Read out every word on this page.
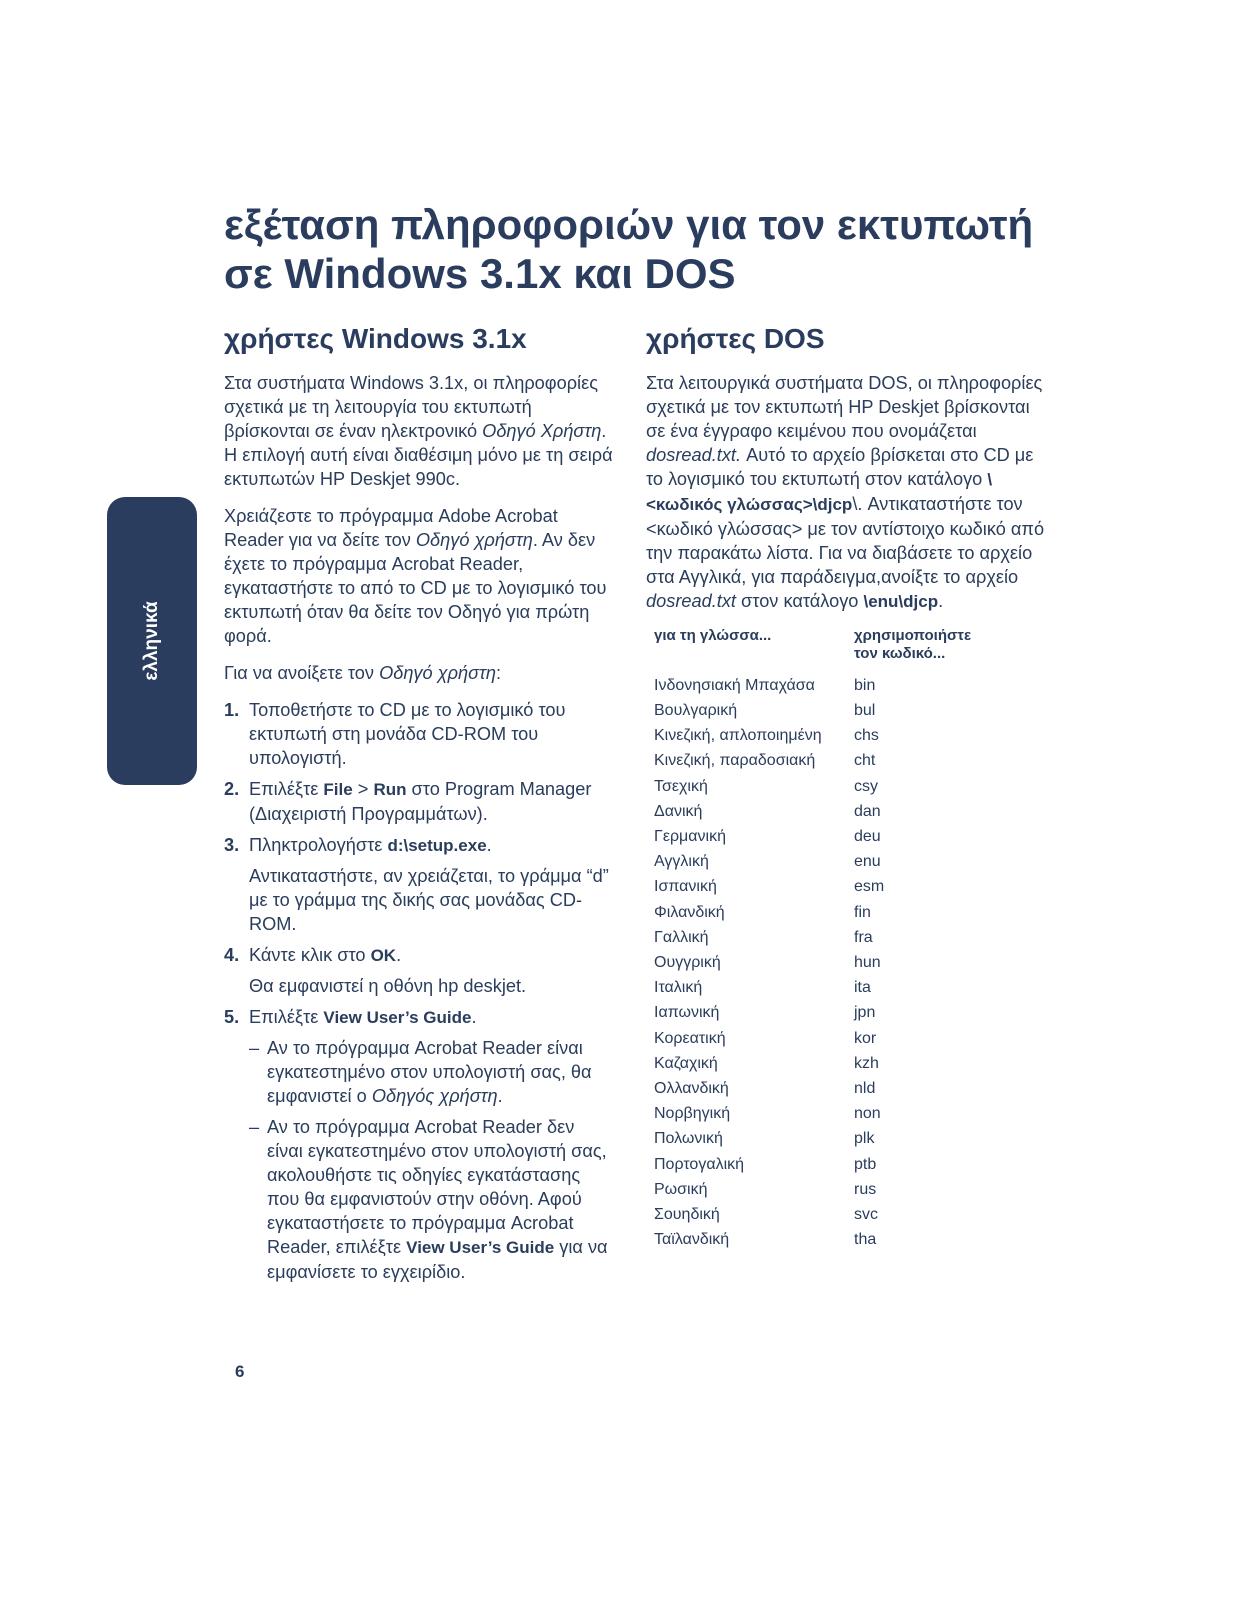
ελληνικά
εξέταση πληροφοριών για τον εκτυπωτή
σε Windows 3.1x και DOS
χρήστες Windows 3.1x

Στα συστήματα Windows 3.1x, οι πληροφορίες σχετικά με τη λειτουργία του εκτυπωτή βρίσκονται σε έναν ηλεκτρονικό Οδηγό Χρήστη. Η επιλογή αυτή είναι διαθέσιμη μόνο με τη σειρά εκτυπωτών HP Deskjet 990c.

Χρειάζεστε το πρόγραμμα Adobe Acrobat Reader για να δείτε τον Οδηγό χρήστη. Αν δεν έχετε το πρόγραμμα Acrobat Reader, εγκαταστήστε το από το CD με το λογισμικό του εκτυπωτή όταν θα δείτε τον Οδηγό για πρώτη φορά.

Για να ανοίξετε τον Οδηγό χρήστη:

1. Τοποθετήστε το CD με το λογισμικό του εκτυπωτή στη μονάδα CD-ROM του υπολογιστή.
2. Επιλέξτε File > Run στο Program Manager (Διαχειριστή Προγραμμάτων).
3. Πληκτρολογήστε d:\setup.exe.
Αντικαταστήστε, αν χρειάζεται, το γράμμα “d” με το γράμμα της δικής σας μονάδας CD-ROM.
4. Κάντε κλικ στο OK.
Θα εμφανιστεί η οθόνη hp deskjet.
5. Επιλέξτε View User’s Guide.
– Αν το πρόγραμμα Acrobat Reader είναι εγκατεστημένο στον υπολογιστή σας, θα εμφανιστεί ο Οδηγός χρήστη.
– Αν το πρόγραμμα Acrobat Reader δεν είναι εγκατεστημένο στον υπολογιστή σας, ακολουθήστε τις οδηγίες εγκατάστασης που θα εμφανιστούν στην οθόνη. Αφού εγκαταστήσετε το πρόγραμμα Acrobat Reader, επιλέξτε View User’s Guide για να εμφανίσετε το εγχειρίδιο.
χρήστες DOS

Στα λειτουργικά συστήματα DOS, οι πληροφορίες σχετικά με τον εκτυπωτή HP Deskjet βρίσκονται σε ένα έγγραφο κειμένου που ονομάζεται dosread.txt. Αυτό το αρχείο βρίσκεται στο CD με το λογισμικό του εκτυπωτή στον κατάλογο \<κωδικός γλώσσας>\djcp\. Αντικαταστήστε τον <κωδικό γλώσσας> με τον αντίστοιχο κωδικό από την παρακάτω λίστα. Για να διαβάσετε το αρχείο στα Αγγλικά, για παράδειγμα,ανοίξτε το αρχείο dosread.txt στον κατάλογο \enu\djcp.

για τη γλώσσα...	χρησιμοποιήστε
τον κωδικό...
Ινδονησιακή Μπαχάσα	bin
Βουλγαρική	bul
Κινεζική, απλοποιημένη	chs
Κινεζική, παραδοσιακή	cht
Τσεχική	csy
Δανική	dan
Γερμανική	deu
Αγγλική	enu
Ισπανική	esm
Φιλανδική	fin
Γαλλική	fra
Ουγγρική	hun
Ιταλική	ita
Ιαπωνική	jpn
Κορεατική	kor
Καζαχική	kzh
Ολλανδική	nld
Νορβηγική	non
Πολωνική	plk
Πορτογαλική	ptb
Ρωσική	rus
Σουηδική	svc
Ταϊλανδική	tha
6
